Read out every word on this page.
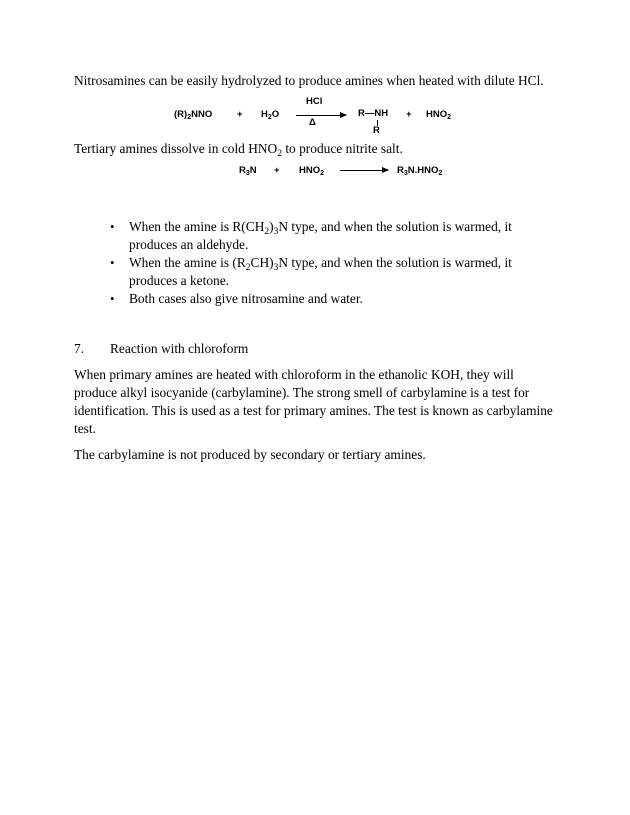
Nitrosamines can be easily hydrolyzed to produce amines when heated with dilute HCl.

$(R)_2NNO$	+ $H_2O$
HCl
Δ
R—NH
R
+ $HNO_2$

Tertiary amines dissolve in cold $HNO_2$ to produce nitrite salt.

$R_3N + HNO_2$	$R_3N.HNO_2$
• When the amine is $R(CH_2)_3N$ type, and when the solution is warmed, it produces an aldehyde.
• When the amine is $(R_2CH)_3N$ type, and when the solution is warmed, it produces a ketone.
• Both cases also give nitrosamine and water.
7. Reaction with chloroform

When primary amines are heated with chloroform in the ethanolic KOH, they will produce alkyl isocyanide (carbylamine). The strong smell of carbylamine is a test for identification. This is used as a test for primary amines. The test is known as carbylamine test.

The carbylamine is not produced by secondary or tertiary amines.
